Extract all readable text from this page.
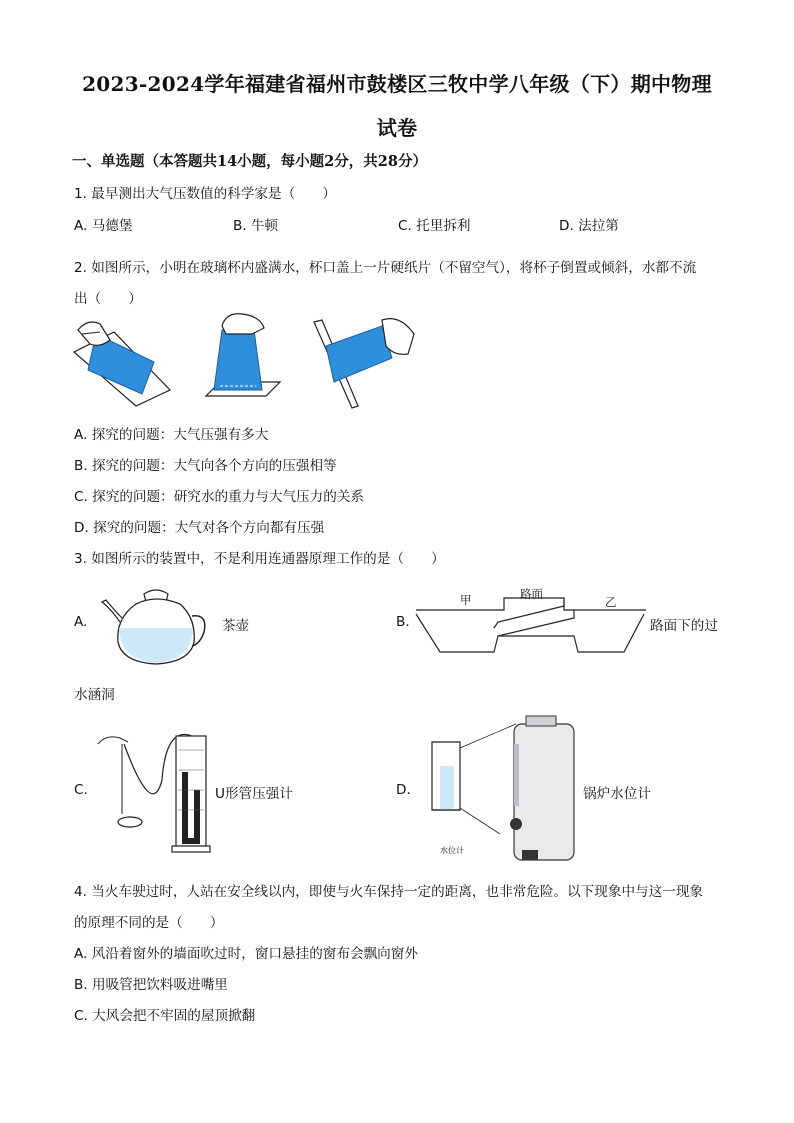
2023-2024学年福建省福州市鼓楼区三牧中学八年级（下）期中物理
试卷
一、单选题（本答题共14小题，每小题2分，共28分）
1. 最早测出大气压数值的科学家是（　　）
A. 马德堡	B. 牛顿	C. 托里拆利	D. 法拉第
2. 如图所示，小明在玻璃杯内盛满水，杯口盖上一片硬纸片（不留空气），将杯子倒置或倾斜，水都不流
出（　　）
A. 探究的问题：大气压强有多大
B. 探究的问题：大气向各个方向的压强相等
C. 探究的问题：研究水的重力与大气压力的关系
D. 探究的问题：大气对各个方向都有压强
3. 如图所示的装置中，不是利用连通器原理工作的是（　　）
A.	茶壶	B.
甲	路面
乙
路面下的过
水涵洞
C.	U形管压强计	D.
水位计
锅炉水位计
4. 当火车驶过时，人站在安全线以内，即使与火车保持一定的距离，也非常危险。以下现象中与这一现象
的原理不同的是（　　）
A. 风沿着窗外的墙面吹过时，窗口悬挂的窗布会飘向窗外
B. 用吸管把饮料吸进嘴里
C. 大风会把不牢固的屋顶掀翻
